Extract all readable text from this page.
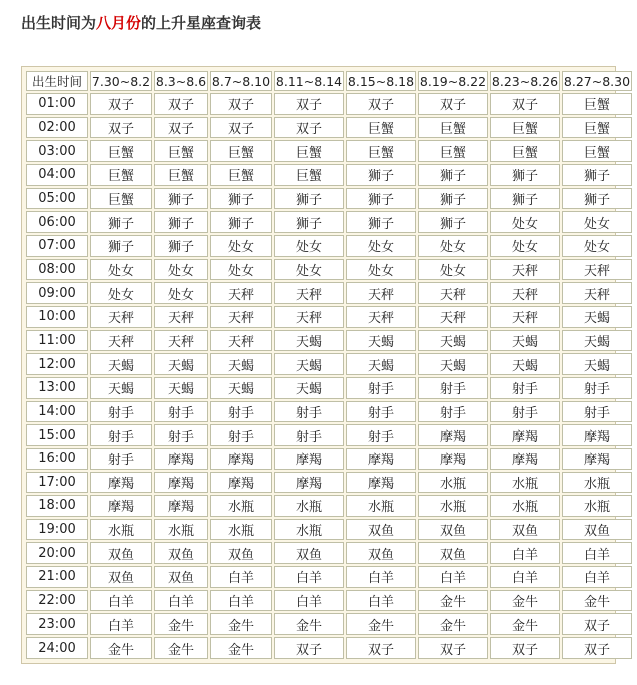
出生时间为八月份的上升星座查询表
出生时间	7.30~8.2	8.3~8.6	8.7~8.10	8.11~8.14	8.15~8.18	8.19~8.22	8.23~8.26	8.27~8.30
01:00	双子	双子	双子	双子	双子	双子	双子	巨蟹
02:00	双子	双子	双子	双子	巨蟹	巨蟹	巨蟹	巨蟹
03:00	巨蟹	巨蟹	巨蟹	巨蟹	巨蟹	巨蟹	巨蟹	巨蟹
04:00	巨蟹	巨蟹	巨蟹	巨蟹	狮子	狮子	狮子	狮子
05:00	巨蟹	狮子	狮子	狮子	狮子	狮子	狮子	狮子
06:00	狮子	狮子	狮子	狮子	狮子	狮子	处女	处女
07:00	狮子	狮子	处女	处女	处女	处女	处女	处女
08:00	处女	处女	处女	处女	处女	处女	天秤	天秤
09:00	处女	处女	天秤	天秤	天秤	天秤	天秤	天秤
10:00	天秤	天秤	天秤	天秤	天秤	天秤	天秤	天蝎
11:00	天秤	天秤	天秤	天蝎	天蝎	天蝎	天蝎	天蝎
12:00	天蝎	天蝎	天蝎	天蝎	天蝎	天蝎	天蝎	天蝎
13:00	天蝎	天蝎	天蝎	天蝎	射手	射手	射手	射手
14:00	射手	射手	射手	射手	射手	射手	射手	射手
15:00	射手	射手	射手	射手	射手	摩羯	摩羯	摩羯
16:00	射手	摩羯	摩羯	摩羯	摩羯	摩羯	摩羯	摩羯
17:00	摩羯	摩羯	摩羯	摩羯	摩羯	水瓶	水瓶	水瓶
18:00	摩羯	摩羯	水瓶	水瓶	水瓶	水瓶	水瓶	水瓶
19:00	水瓶	水瓶	水瓶	水瓶	双鱼	双鱼	双鱼	双鱼
20:00	双鱼	双鱼	双鱼	双鱼	双鱼	双鱼	白羊	白羊
21:00	双鱼	双鱼	白羊	白羊	白羊	白羊	白羊	白羊
22:00	白羊	白羊	白羊	白羊	白羊	金牛	金牛	金牛
23:00	白羊	金牛	金牛	金牛	金牛	金牛	金牛	双子
24:00	金牛	金牛	金牛	双子	双子	双子	双子	双子
